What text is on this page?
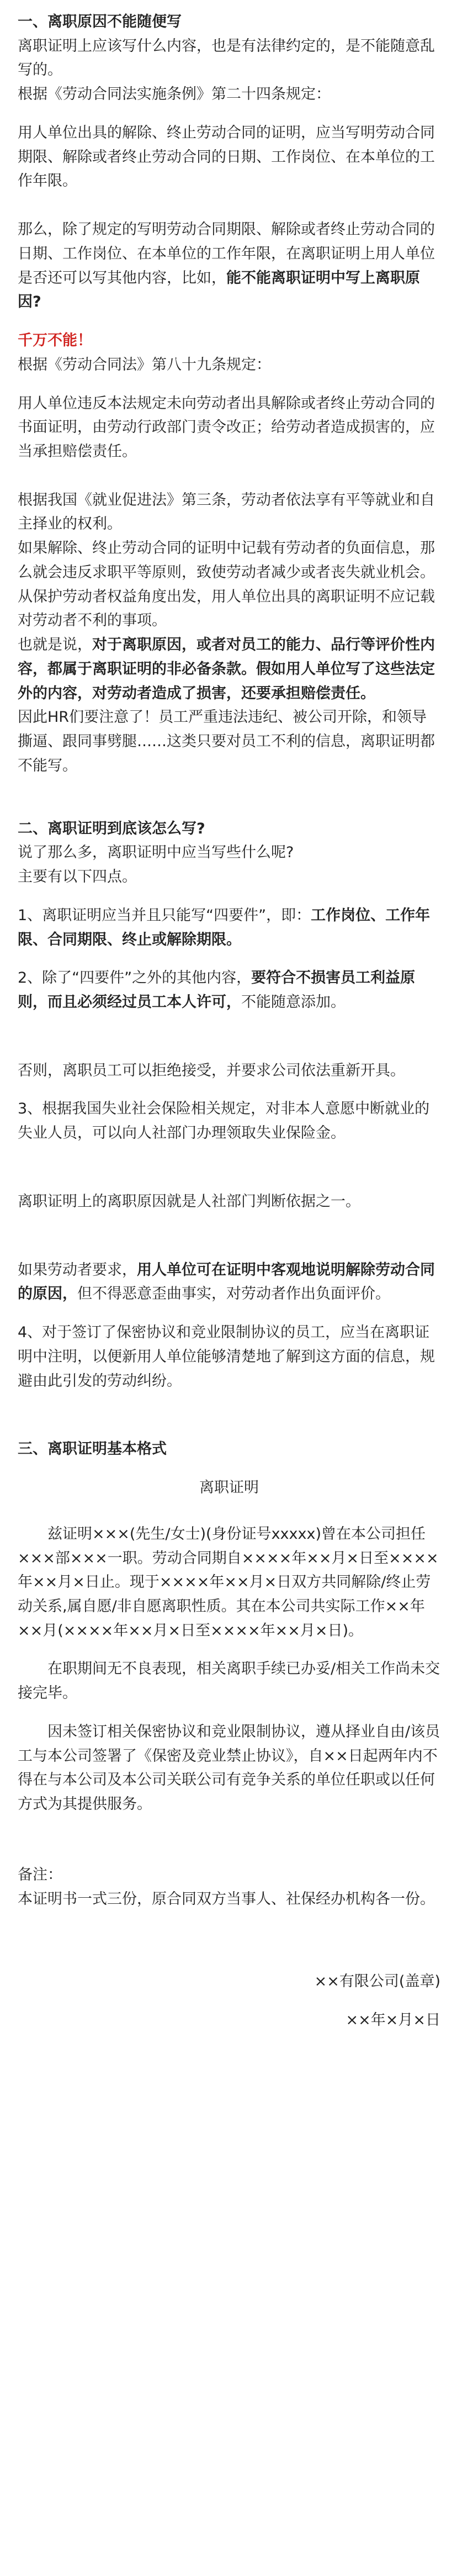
一、离职原因不能随便写

离职证明上应该写什么内容，也是有法律约定的，是不能随意乱写的。

根据《劳动合同法实施条例》第二十四条规定：

用人单位出具的解除、终止劳动合同的证明，应当写明劳动合同期限、解除或者终止劳动合同的日期、工作岗位、在本单位的工作年限。

那么，除了规定的写明劳动合同期限、解除或者终止劳动合同的日期、工作岗位、在本单位的工作年限，在离职证明上用人单位是否还可以写其他内容，比如，能不能离职证明中写上离职原因?

千万不能！

根据《劳动合同法》第八十九条规定：

用人单位违反本法规定未向劳动者出具解除或者终止劳动合同的书面证明，由劳动行政部门责令改正；给劳动者造成损害的，应当承担赔偿责任。

根据我国《就业促进法》第三条，劳动者依法享有平等就业和自主择业的权利。

如果解除、终止劳动合同的证明中记载有劳动者的负面信息，那么就会违反求职平等原则，致使劳动者减少或者丧失就业机会。

从保护劳动者权益角度出发，用人单位出具的离职证明不应记载对劳动者不利的事项。

也就是说，对于离职原因，或者对员工的能力、品行等评价性内容，都属于离职证明的非必备条款。假如用人单位写了这些法定外的内容，对劳动者造成了损害，还要承担赔偿责任。

因此HR们要注意了！员工严重违法违纪、被公司开除，和领导撕逼、跟同事劈腿……这类只要对员工不利的信息，离职证明都不能写。

二、离职证明到底该怎么写?

说了那么多，离职证明中应当写些什么呢?

主要有以下四点。

1、离职证明应当并且只能写“四要件”，即：工作岗位、工作年限、合同期限、终止或解除期限。

2、除了“四要件”之外的其他内容，要符合不损害员工利益原则，而且必须经过员工本人许可，不能随意添加。

否则，离职员工可以拒绝接受，并要求公司依法重新开具。

3、根据我国失业社会保险相关规定，对非本人意愿中断就业的失业人员，可以向人社部门办理领取失业保险金。

离职证明上的离职原因就是人社部门判断依据之一。

如果劳动者要求，用人单位可在证明中客观地说明解除劳动合同的原因，但不得恶意歪曲事实，对劳动者作出负面评价。

4、对于签订了保密协议和竞业限制协议的员工，应当在离职证明中注明，以便新用人单位能够清楚地了解到这方面的信息，规避由此引发的劳动纠纷。

三、离职证明基本格式

离职证明

兹证明×××(先生/女士)(身份证号xxxxx)曾在本公司担任×××部×××一职。劳动合同期自××××年××月×日至××××年××月×日止。现于××××年××月×日双方共同解除/终止劳动关系,属自愿/非自愿离职性质。其在本公司共实际工作××年××月(××××年××月×日至××××年××月×日)。

在职期间无不良表现，相关离职手续已办妥/相关工作尚未交接完毕。

因未签订相关保密协议和竞业限制协议，遵从择业自由/该员工与本公司签署了《保密及竞业禁止协议》，自××日起两年内不得在与本公司及本公司关联公司有竞争关系的单位任职或以任何方式为其提供服务。

备注：

本证明书一式三份，原合同双方当事人、社保经办机构各一份。

××有限公司(盖章)

××年×月×日
